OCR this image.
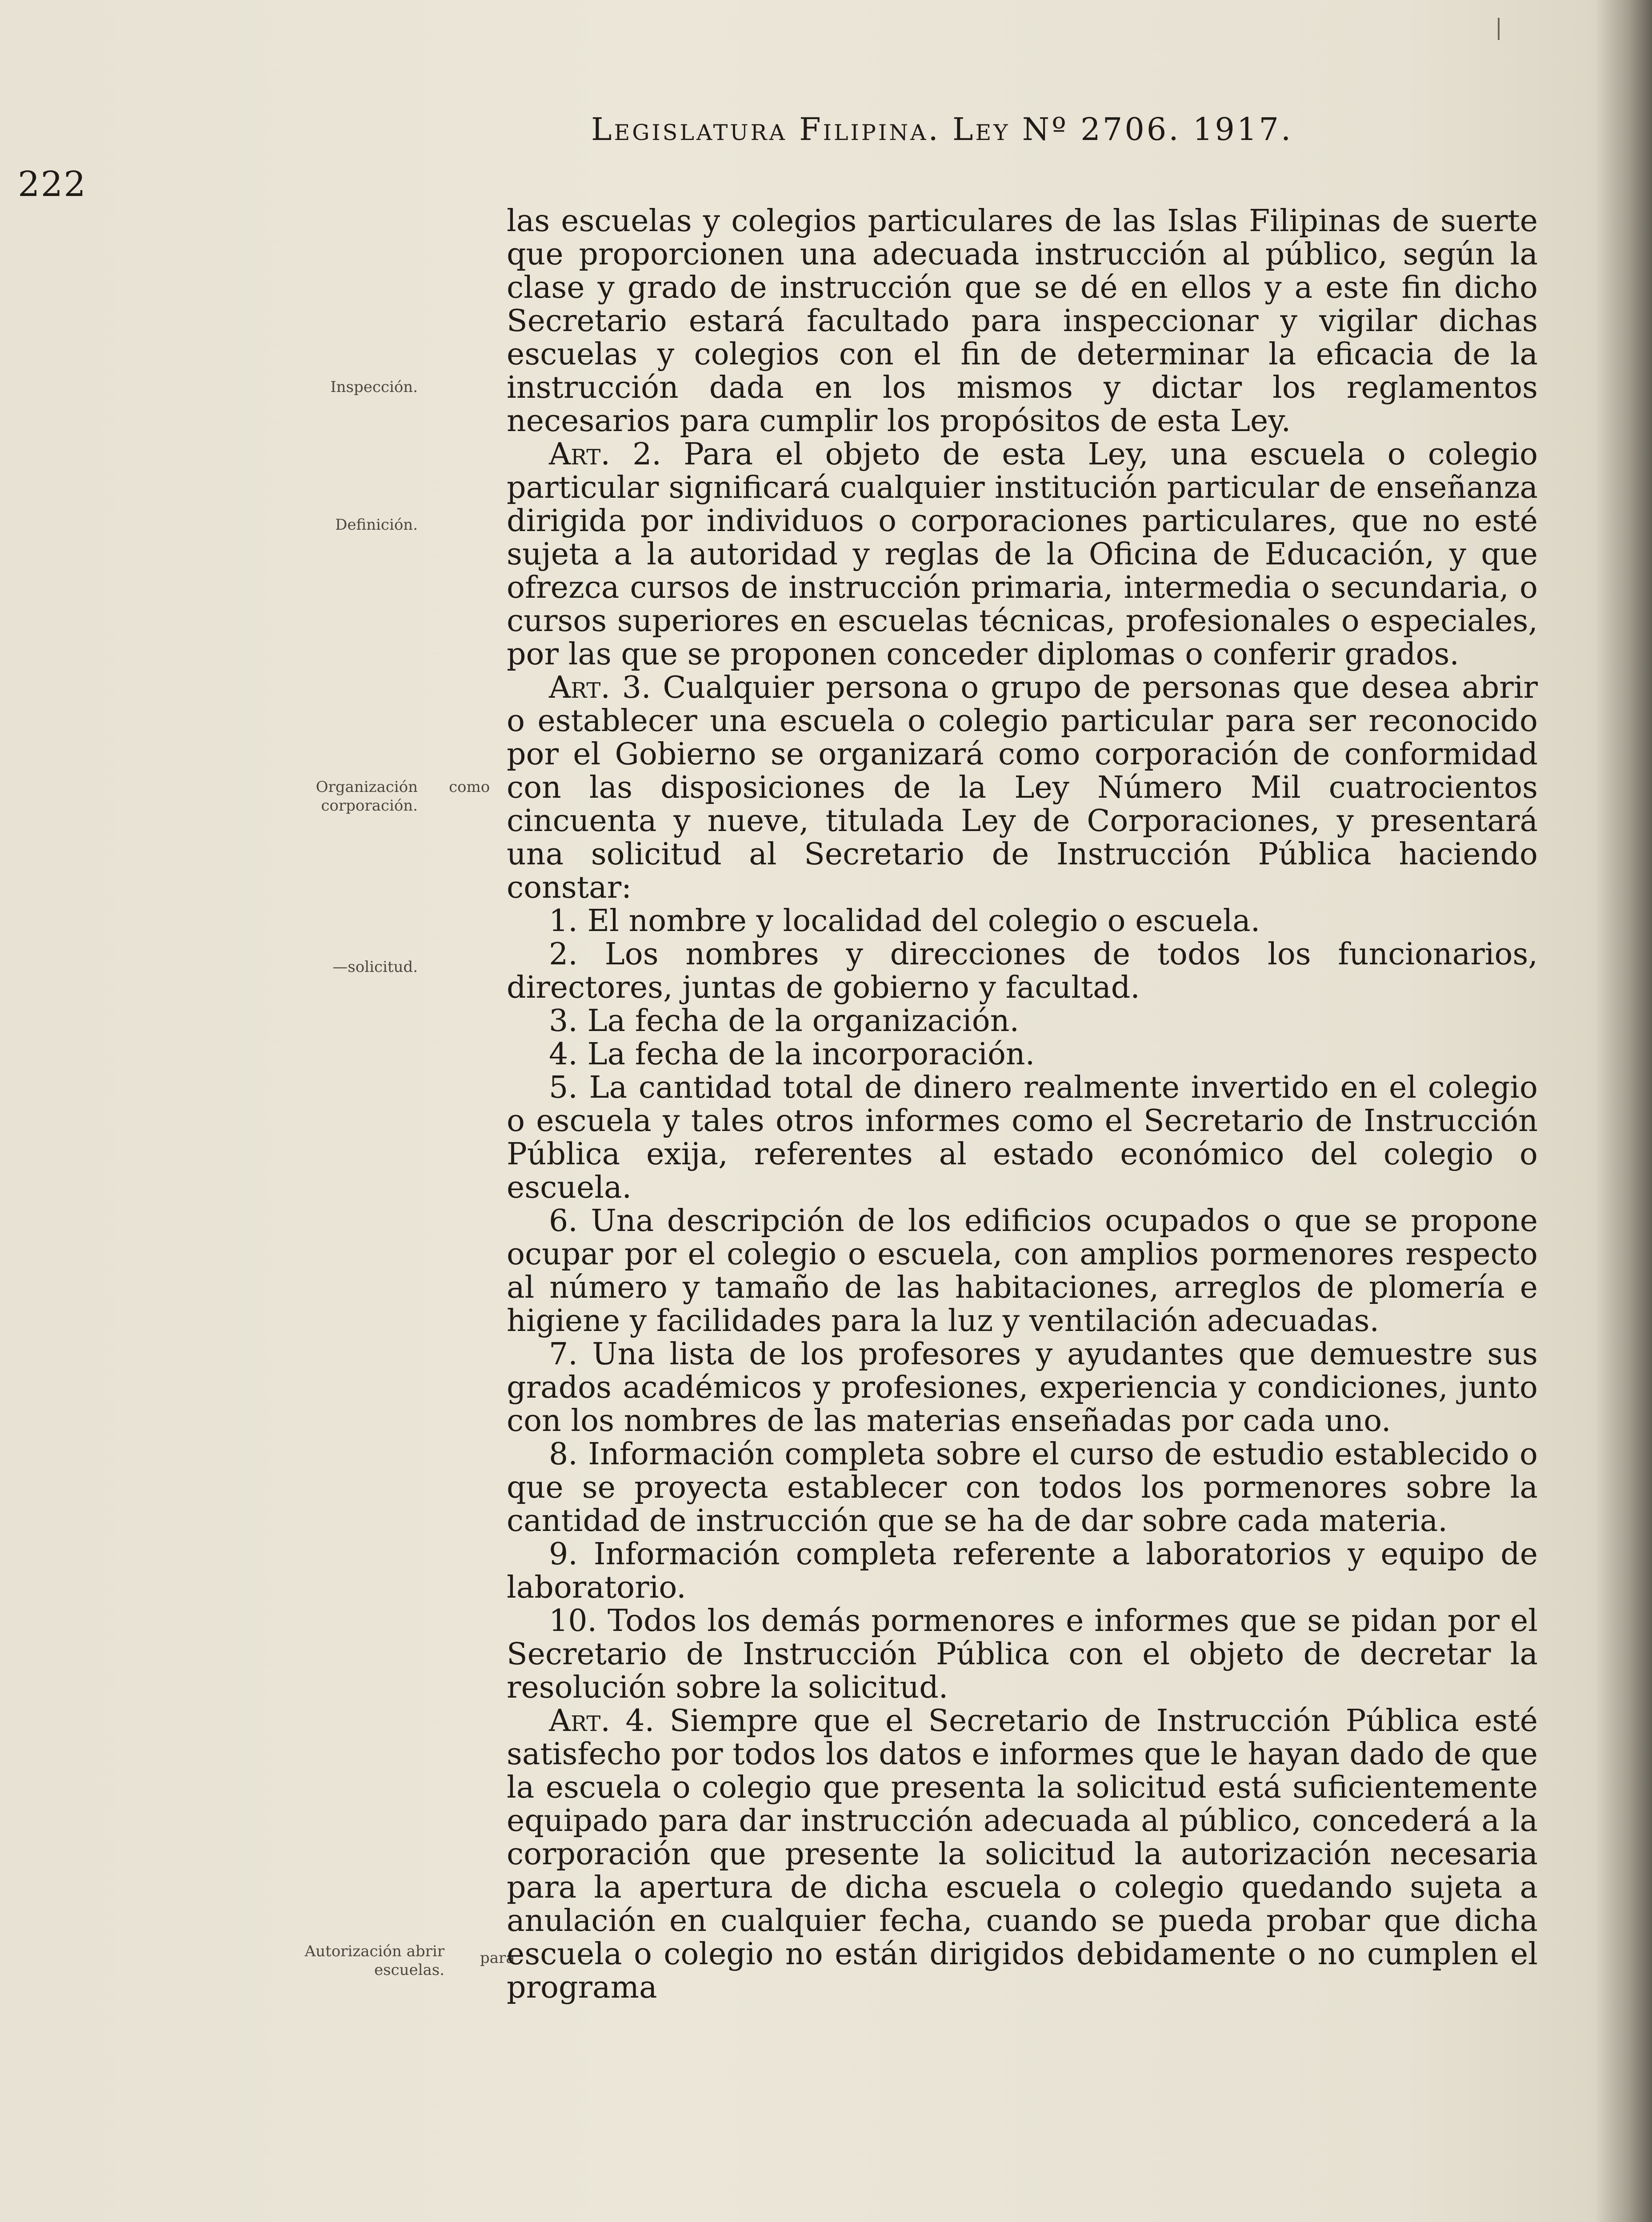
222
Legislatura Filipina. Ley Nº 2706. 1917.
Inspección.
Definición.
Organización corporación.
como
—solicitud.
Autorización abrir escuelas.
para

las escuelas y colegios particulares de las Islas Filipinas de suerte que proporcionen una adecuada instrucción al público, según la clase y grado de instrucción que se dé en ellos y a este fin dicho Secretario estará facultado para inspeccionar y vigilar dichas escuelas y colegios con el fin de determinar la eficacia de la instrucción dada en los mismos y dictar los reglamentos necesarios para cumplir los propósitos de esta Ley.

Art. 2. Para el objeto de esta Ley, una escuela o colegio particular significará cualquier institución particular de enseñanza dirigida por individuos o corporaciones particulares, que no esté sujeta a la autoridad y reglas de la Oficina de Educación, y que ofrezca cursos de instrucción primaria, intermedia o secundaria, o cursos superiores en escuelas técnicas, profesionales o especiales, por las que se proponen conceder diplomas o conferir grados.

Art. 3. Cualquier persona o grupo de personas que desea abrir o establecer una escuela o colegio particular para ser reconocido por el Gobierno se organizará como corporación de conformidad con las disposiciones de la Ley Número Mil cuatrocientos cincuenta y nueve, titulada Ley de Corporaciones, y presentará una solicitud al Secretario de Instrucción Pública haciendo constar:

1. El nombre y localidad del colegio o escuela.

2. Los nombres y direcciones de todos los funcionarios, directores, juntas de gobierno y facultad.

3. La fecha de la organización.

4. La fecha de la incorporación.

5. La cantidad total de dinero realmente invertido en el colegio o escuela y tales otros informes como el Secretario de Instrucción Pública exija, referentes al estado económico del colegio o escuela.

6. Una descripción de los edificios ocupados o que se propone ocupar por el colegio o escuela, con amplios pormenores respecto al número y tamaño de las habitaciones, arreglos de plomería e higiene y facilidades para la luz y ventilación adecuadas.

7. Una lista de los profesores y ayudantes que demuestre sus grados académicos y profesiones, experiencia y condiciones, junto con los nombres de las materias enseñadas por cada uno.

8. Información completa sobre el curso de estudio establecido o que se proyecta establecer con todos los pormenores sobre la cantidad de instrucción que se ha de dar sobre cada materia.

9. Información completa referente a laboratorios y equipo de laboratorio.

10. Todos los demás pormenores e informes que se pidan por el Secretario de Instrucción Pública con el objeto de decretar la resolución sobre la solicitud.

Art. 4. Siempre que el Secretario de Instrucción Pública esté satisfecho por todos los datos e informes que le hayan dado de que la escuela o colegio que presenta la solicitud está suficientemente equipado para dar instrucción adecuada al público, concederá a la corporación que presente la solicitud la autorización necesaria para la apertura de dicha escuela o colegio quedando sujeta a anulación en cualquier fecha, cuando se pueda probar que dicha escuela o colegio no están dirigidos debidamente o no cumplen el programa
